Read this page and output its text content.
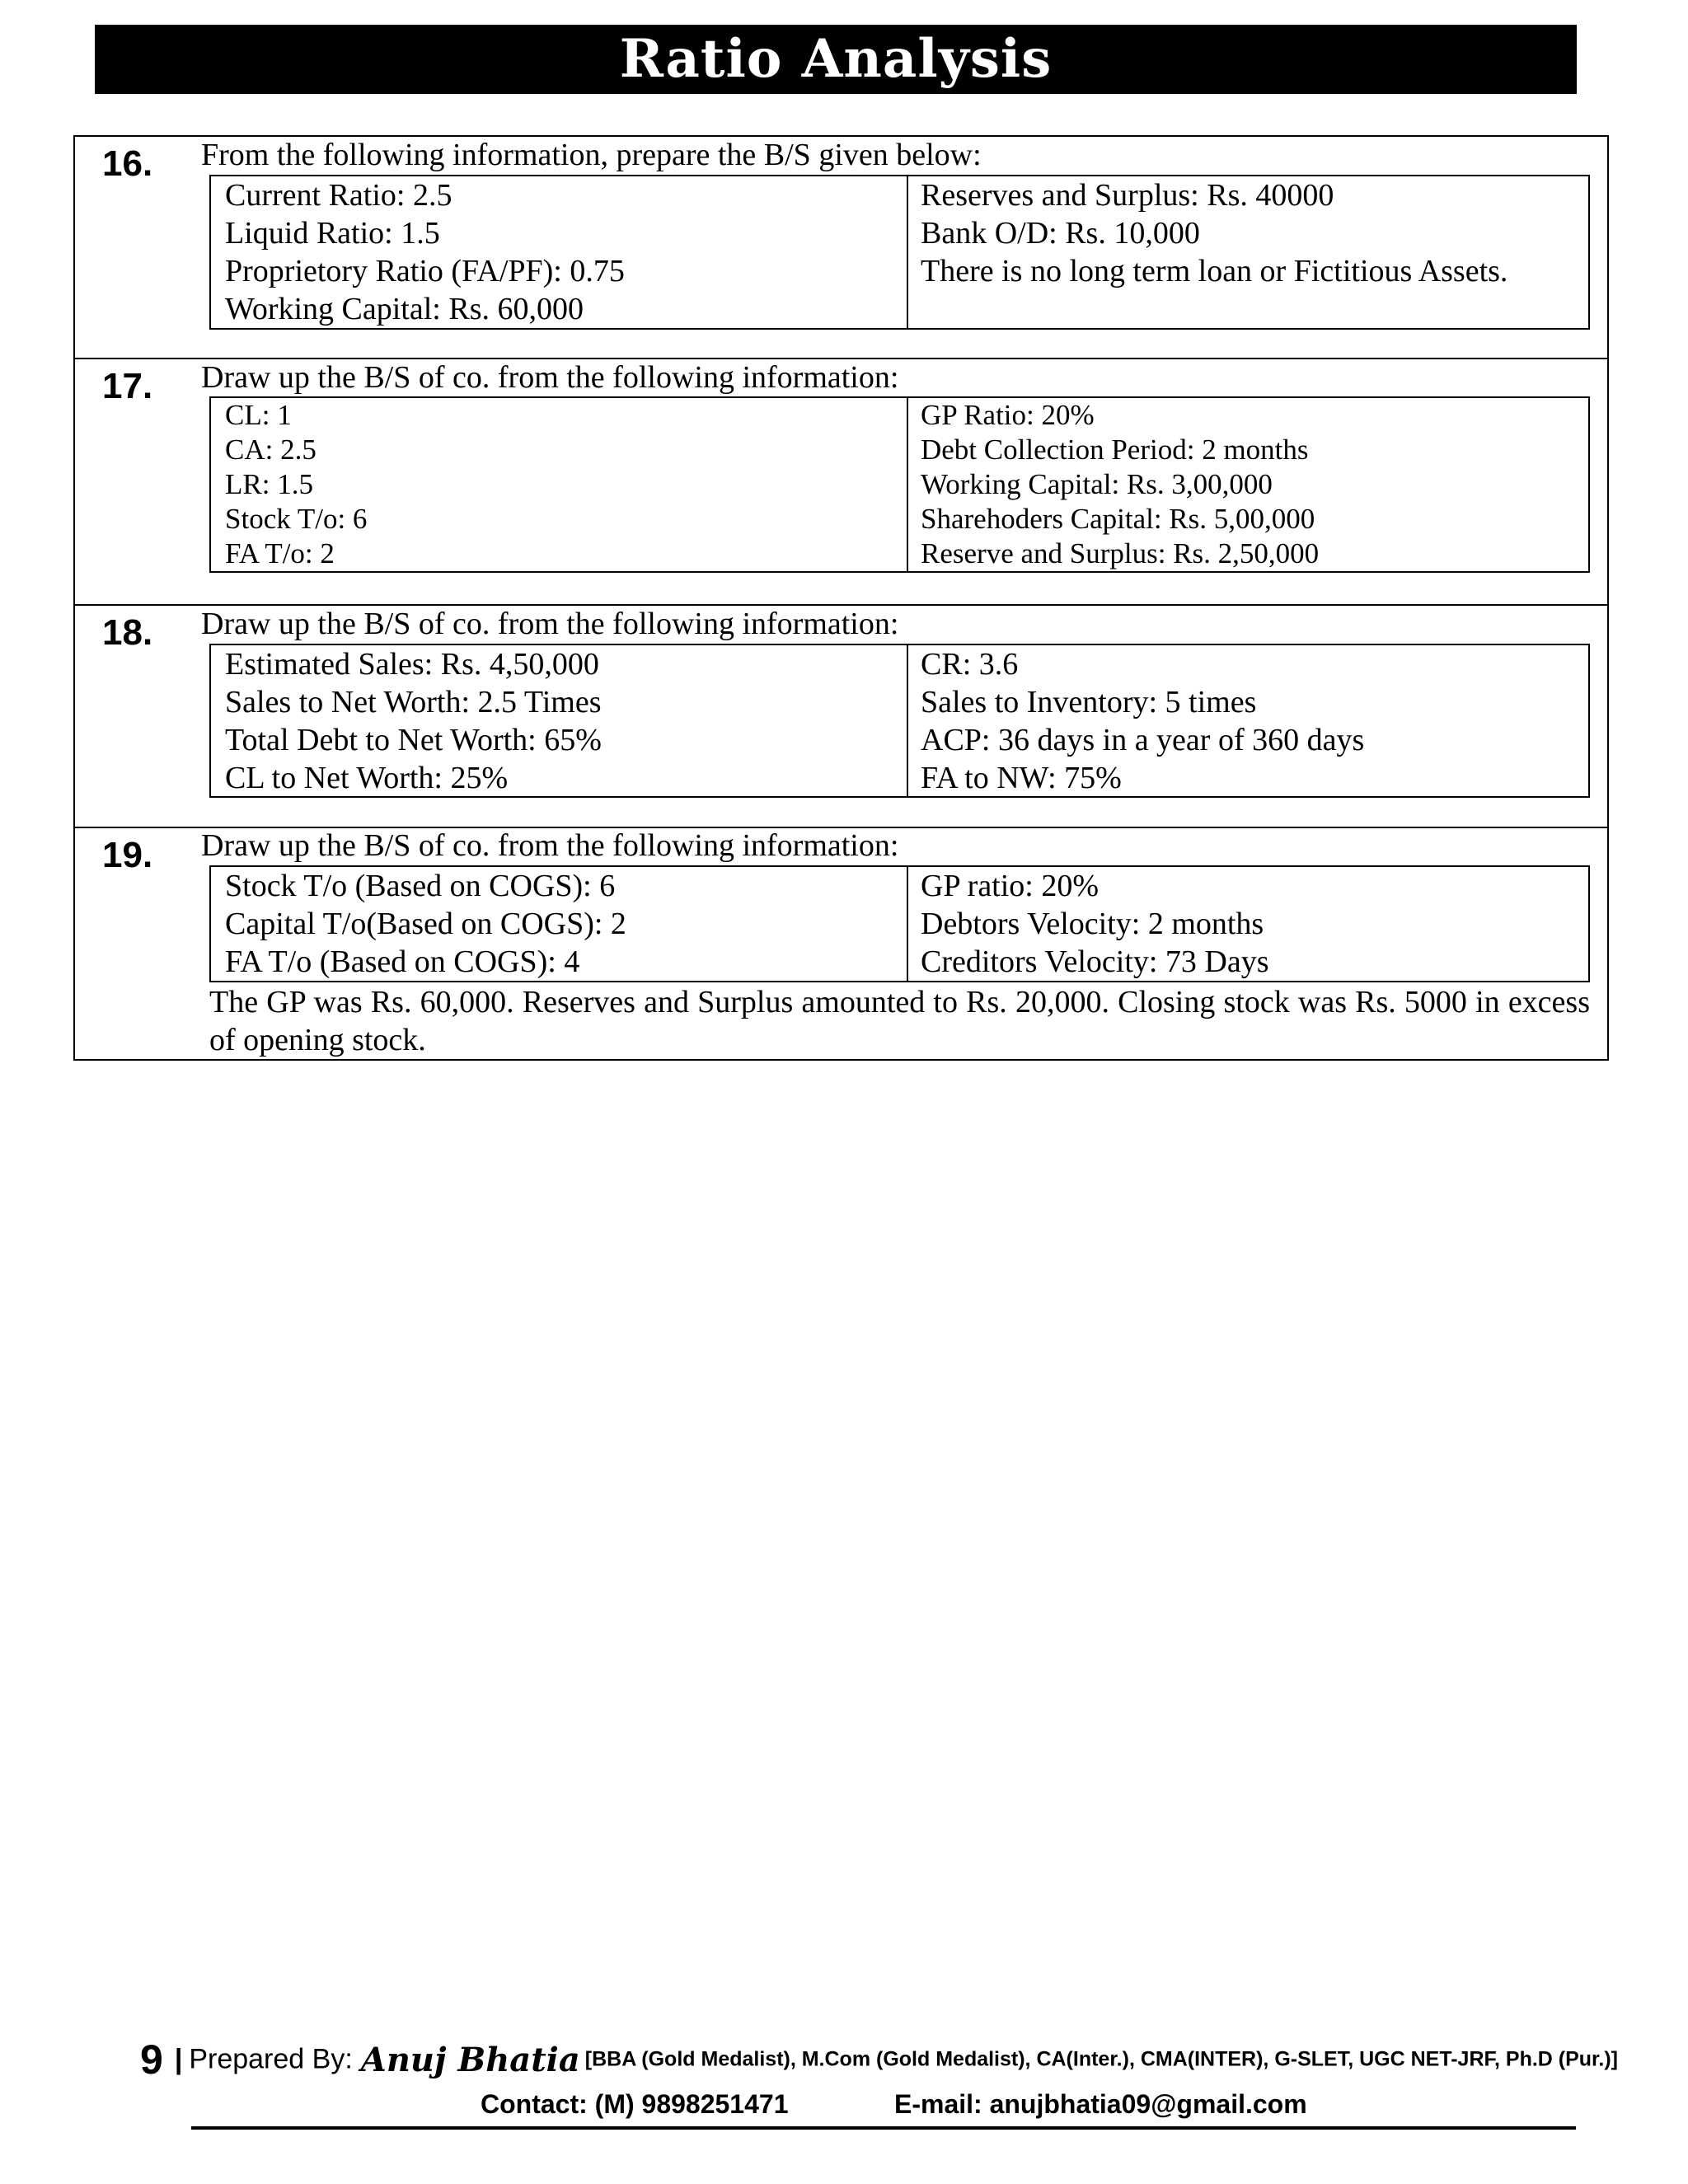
Ratio Analysis
16. From the following information, prepare the B/S given below:
Current Ratio: 2.5
Liquid Ratio: 1.5
Proprietory Ratio (FA/PF): 0.75
Working Capital: Rs. 60,000
Reserves and Surplus: Rs. 40000
Bank O/D: Rs. 10,000
There is no long term loan or Fictitious Assets.
17. Draw up the B/S of co. from the following information:
CL: 1
CA: 2.5
LR: 1.5
Stock T/o: 6
FA T/o: 2
GP Ratio: 20%
Debt Collection Period: 2 months
Working Capital: Rs. 3,00,000
Sharehoders Capital: Rs. 5,00,000
Reserve and Surplus: Rs. 2,50,000
18. Draw up the B/S of co. from the following information:
Estimated Sales: Rs. 4,50,000
Sales to Net Worth: 2.5 Times
Total Debt to Net Worth: 65%
CL to Net Worth: 25%
CR: 3.6
Sales to Inventory: 5 times
ACP: 36 days in a year of 360 days
FA to NW: 75%
19. Draw up the B/S of co. from the following information:
Stock T/o (Based on COGS): 6
Capital T/o(Based on COGS): 2
FA T/o (Based on COGS): 4
GP ratio: 20%
Debtors Velocity: 2 months
Creditors Velocity: 73 Days
The GP was Rs. 60,000. Reserves and Surplus amounted to Rs. 20,000. Closing stock was Rs. 5000 in excess of opening stock.
9 | Prepared By: Anuj Bhatia [BBA (Gold Medalist), M.Com (Gold Medalist), CA(Inter.), CMA(INTER), G-SLET, UGC NET-JRF, Ph.D (Pur.)]
Contact: (M) 9898251471	E-mail: anujbhatia09@gmail.com
